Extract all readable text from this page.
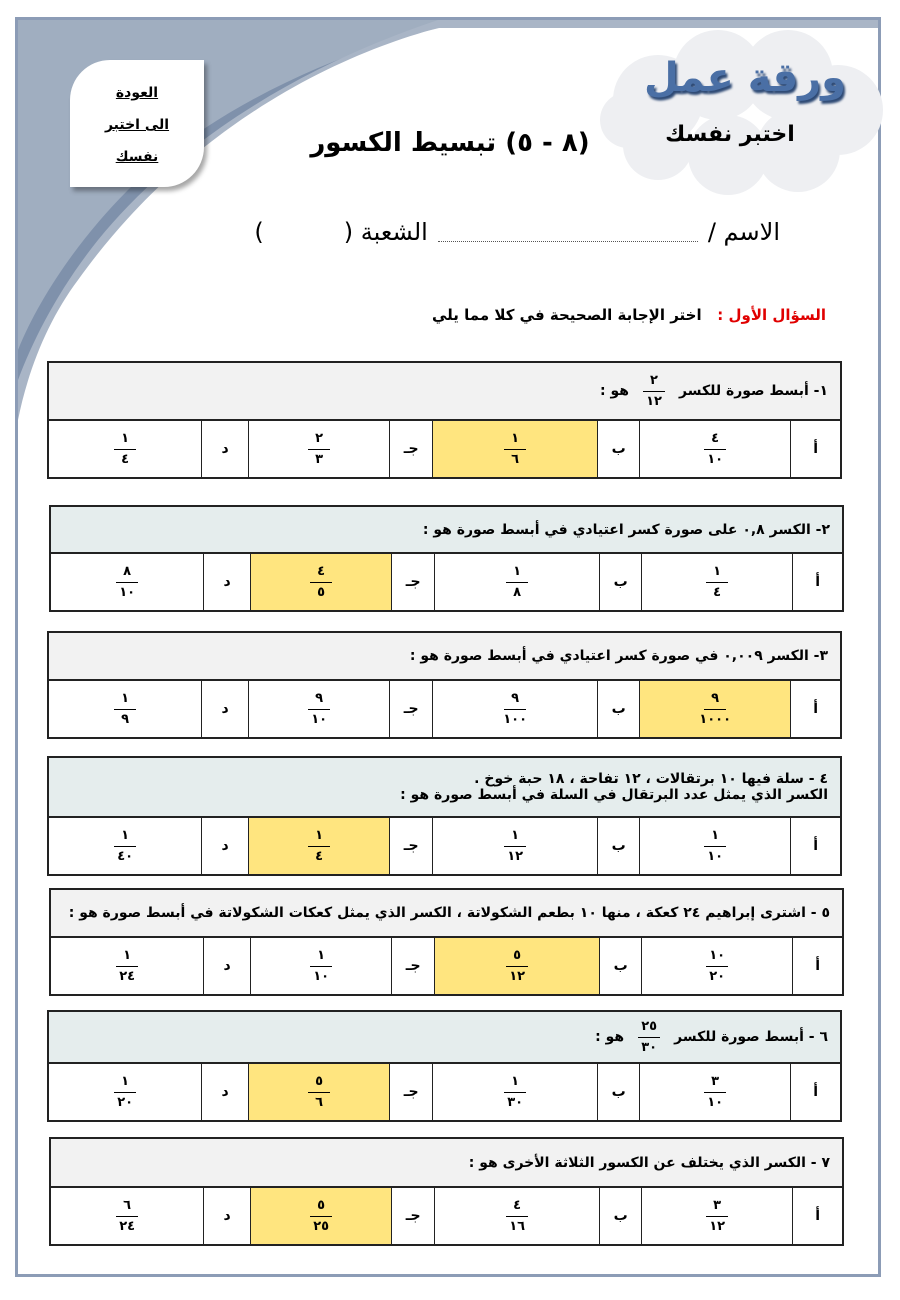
العودة
الى اختبر
نفسك
ورقة عمل
اختبر نفسك
(٨ - ٥) تبسيط الكسور
الاسم /
الشعبة (
)
السؤال الأول :   اختر الإجابة الصحيحة في كلا مما يلي
١- أبسط صورة للكسر
٢
١٢
هو :
أ
٤
١٠
ب
١
٦
جـ
٢
٣
د
١
٤
٢- الكسر ٠,٨ على صورة كسر اعتيادي في أبسط صورة هو :
أ
١
٤
ب
١
٨
جـ
٤
٥
د
٨
١٠
٣- الكسر ٠,٠٠٩ في صورة كسر اعتيادي في أبسط صورة هو :
أ
٩
١٠٠٠
ب
٩
١٠٠
جـ
٩
١٠
د
١
٩
٤ - سلة فيها ١٠ برتقالات ، ١٢ تفاحة ، ١٨ حبة خوخ .
الكسر الذي يمثل عدد البرتقال في السلة في أبسط صورة هو :
أ
١
١٠
ب
١
١٢
جـ
١
٤
د
١
٤٠
٥ - اشترى إبراهيم ٢٤ كعكة ، منها ١٠ بطعم الشكولاتة ، الكسر الذي يمثل كعكات الشكولاتة في أبسط صورة هو :
أ
١٠
٢٠
ب
٥
١٢
جـ
١
١٠
د
١
٢٤
٦ - أبسط صورة للكسر
٢٥
٣٠
هو :
أ
٣
١٠
ب
١
٣٠
جـ
٥
٦
د
١
٢٠
٧ - الكسر الذي يختلف عن الكسور الثلاثة الأخرى هو :
أ
٣
١٢
ب
٤
١٦
جـ
٥
٢٥
د
٦
٢٤
